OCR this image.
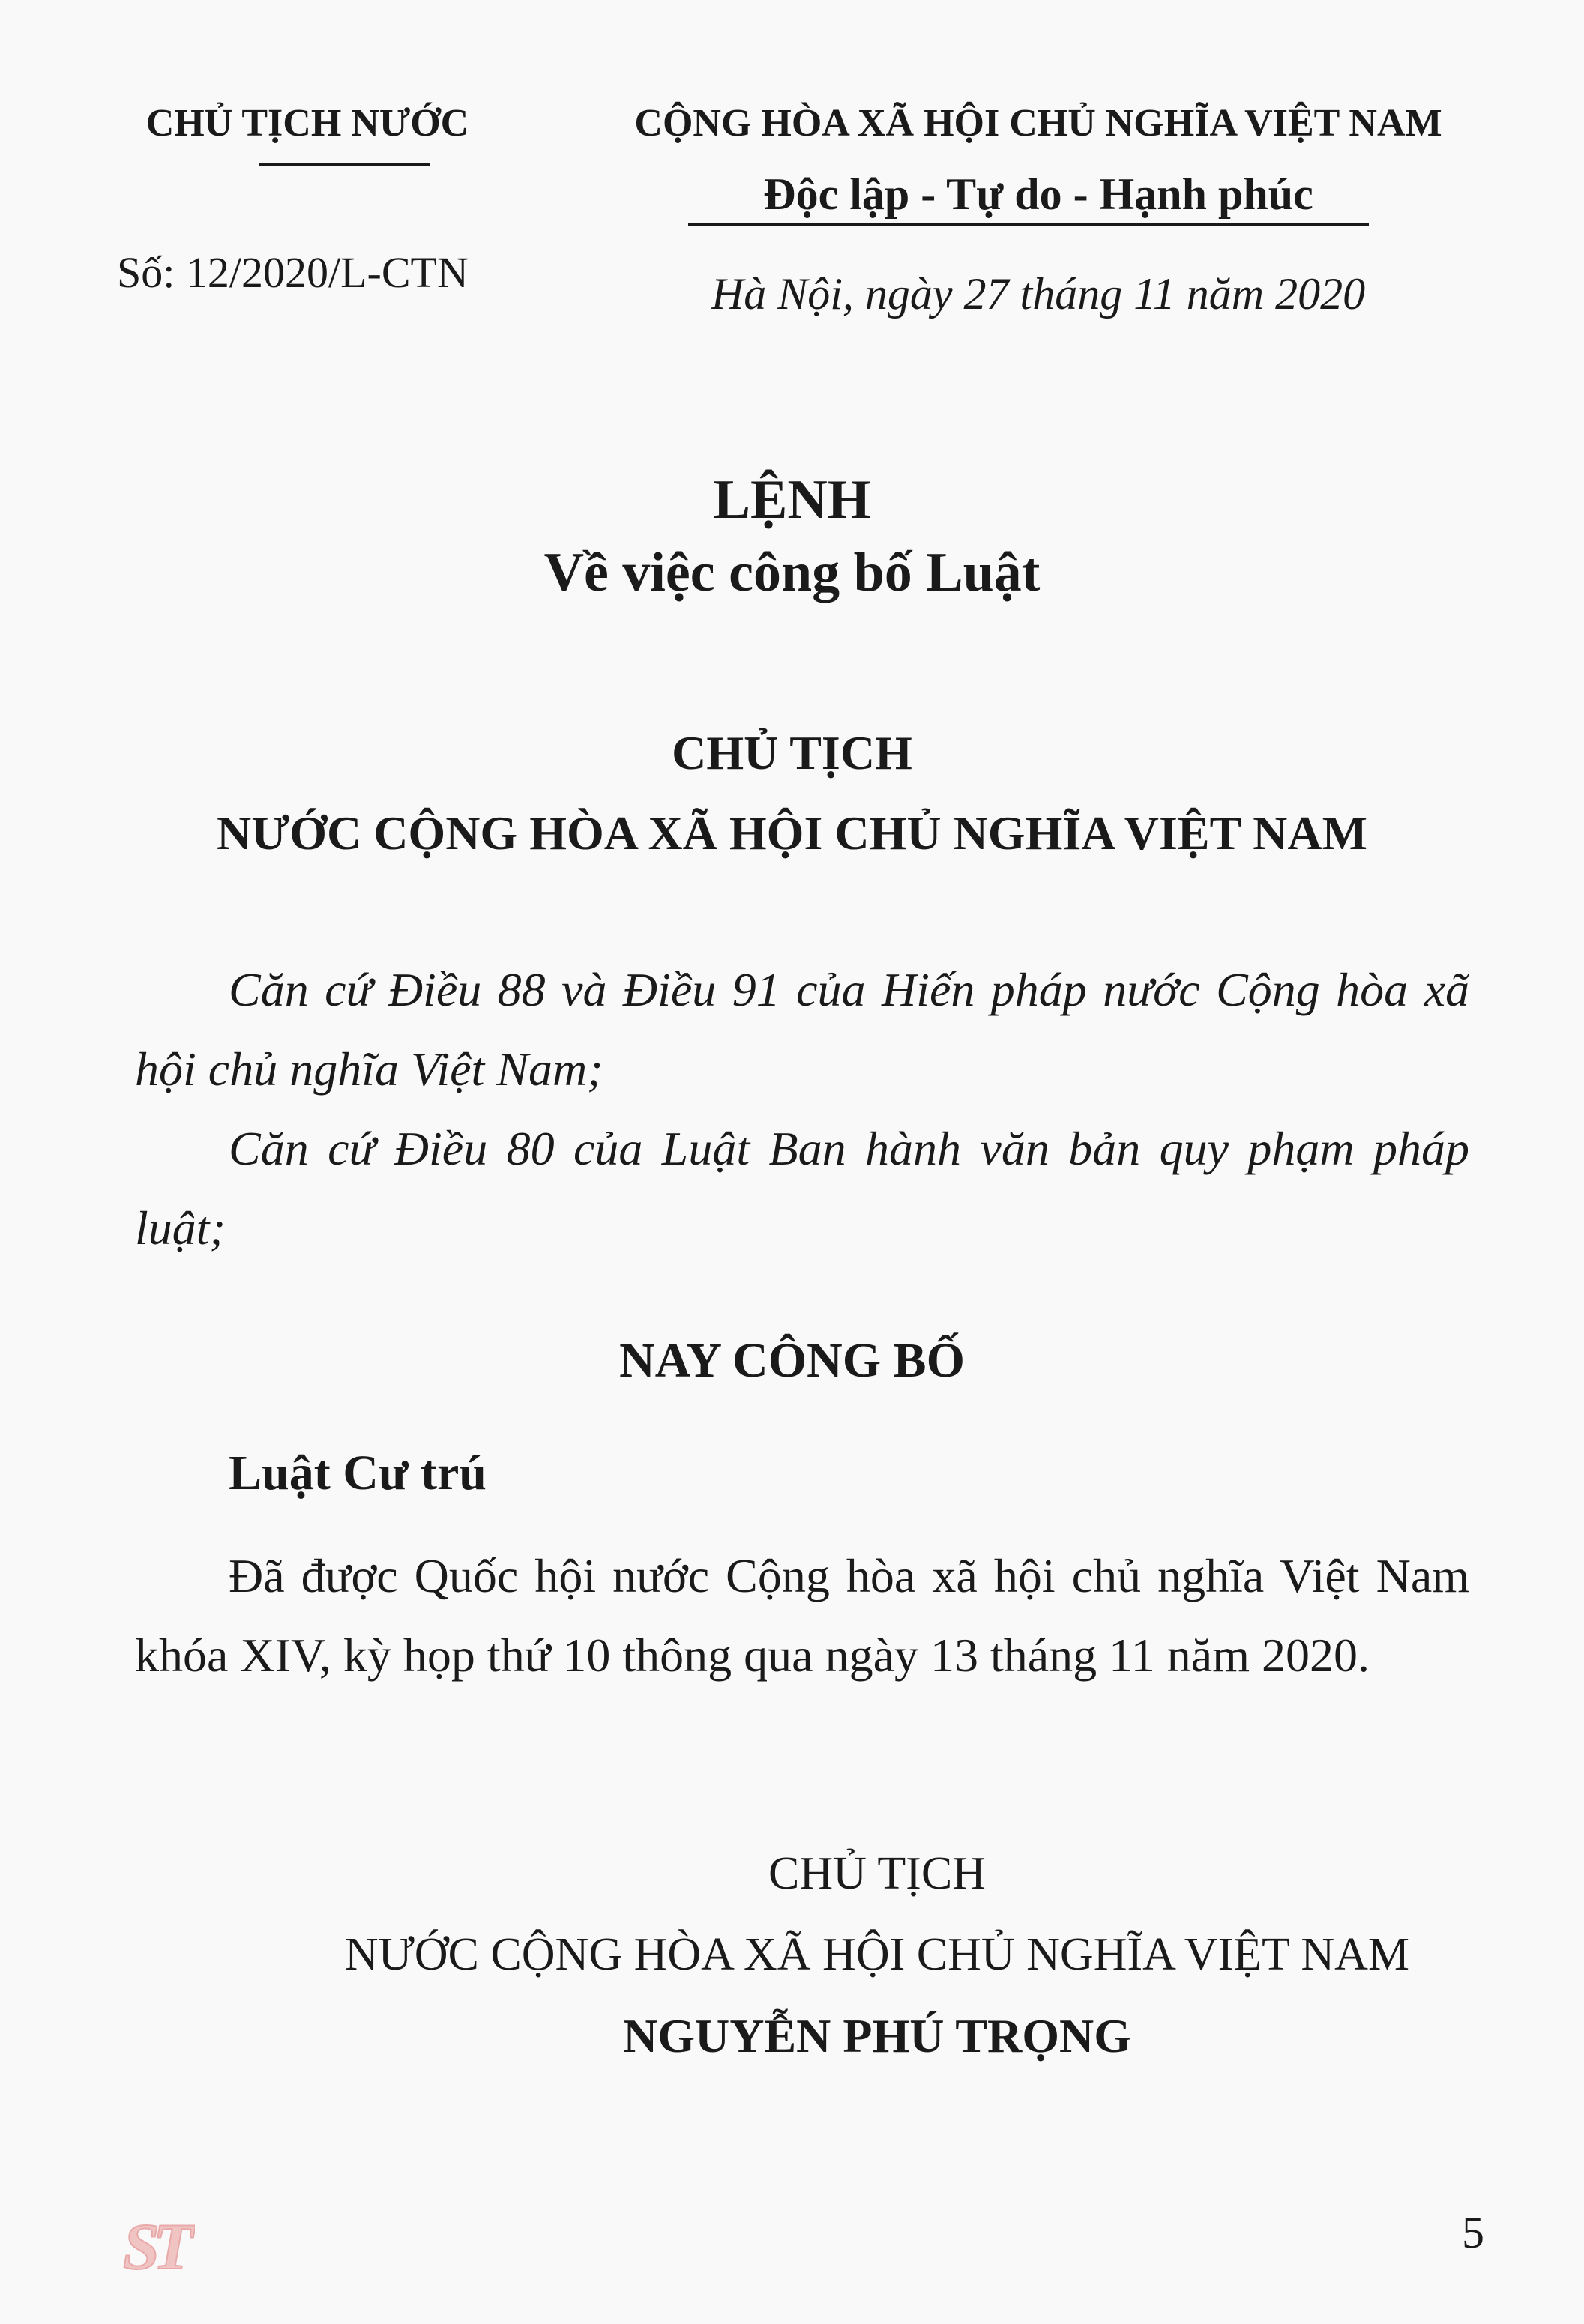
CHỦ TỊCH NƯỚC
Số: 12/2020/L-CTN
CỘNG HÒA XÃ HỘI CHỦ NGHĨA VIỆT NAM
Độc lập - Tự do - Hạnh phúc
Hà Nội, ngày 27 tháng 11 năm 2020
LỆNH
Về việc công bố Luật
CHỦ TỊCH
NƯỚC CỘNG HÒA XÃ HỘI CHỦ NGHĨA VIỆT NAM

Căn cứ Điều 88 và Điều 91 của Hiến pháp nước Cộng hòa xã hội chủ nghĩa Việt Nam;

Căn cứ Điều 80 của Luật Ban hành văn bản quy phạm pháp luật;

NAY CÔNG BỐ
Luật Cư trú

Đã được Quốc hội nước Cộng hòa xã hội chủ nghĩa Việt Nam khóa XIV, kỳ họp thứ 10 thông qua ngày 13 tháng 11 năm 2020.

CHỦ TỊCH
NƯỚC CỘNG HÒA XÃ HỘI CHỦ NGHĨA VIỆT NAM
NGUYỄN PHÚ TRỌNG
S
T	5
